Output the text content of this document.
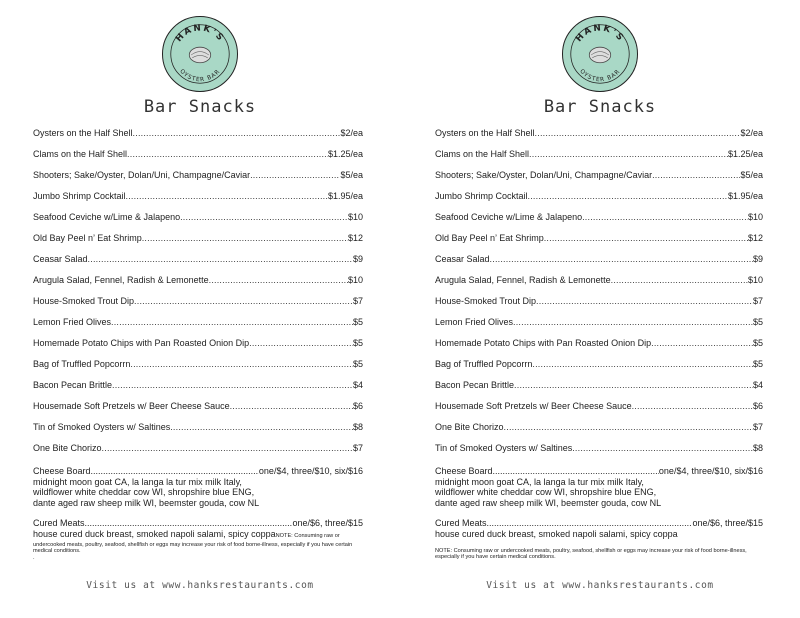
HANK'S
OYSTER BAR
Bar Snacks
Oysters on the Half Shell .....	$2/ea
Clams on the Half Shell .....	$1.25/ea
Shooters; Sake/Oyster, Dolan/Uni, Champagne/Caviar .....	$5/ea
Jumbo Shrimp Cocktail .....	$1.95/ea
Seafood Ceviche w/Lime & Jalapeno .....	$10
Old Bay Peel n’ Eat Shrimp .....	$12
Ceasar Salad .....	$9
Arugula Salad, Fennel, Radish & Lemonette .....	$10
House-Smoked Trout Dip .....	$7
Lemon Fried Olives .....	$5
Homemade Potato Chips with Pan Roasted Onion Dip .....	$5
Bag of Truffled Popcorrn .....	$5
Bacon Pecan Brittle .....	$4
Housemade Soft Pretzels w/ Beer Cheese Sauce .....	$6
Tin of Smoked Oysters w/ Saltines .....	$8
One Bite Chorizo .....	$7
Cheese Board .....	one/$4, three/$10, six/$16
midnight moon goat CA, la langa la tur mix milk Italy,
wildflower white cheddar cow WI, shropshire blue ENG,
dante aged raw sheep milk WI, beemster gouda, cow NL
Cured Meats .....	one/$6, three/$15
house cured duck breast, smoked napoli salami, spicy coppaNOTE: Consuming raw or
undercooked meats, poultry, seafood, shellfish or eggs may increase your risk of food borne-illness, especially if you have certain medical conditions.
.
Visit us at www.hanksrestaurants.com
HANK'S
OYSTER BAR
Bar Snacks
Oysters on the Half Shell .....	$2/ea
Clams on the Half Shell .....	$1.25/ea
Shooters; Sake/Oyster, Dolan/Uni, Champagne/Caviar .....	$5/ea
Jumbo Shrimp Cocktail .....	$1.95/ea
Seafood Ceviche w/Lime & Jalapeno .....	$10
Old Bay Peel n’ Eat Shrimp .....	$12
Ceasar Salad .....	$9
Arugula Salad, Fennel, Radish & Lemonette .....	$10
House-Smoked Trout Dip .....	$7
Lemon Fried Olives .....	$5
Homemade Potato Chips with Pan Roasted Onion Dip .....	$5
Bag of Truffled Popcorrn .....	$5
Bacon Pecan Brittle .....	$4
Housemade Soft Pretzels w/ Beer Cheese Sauce .....	$6
One Bite Chorizo .....	$7
Tin of Smoked Oysters w/ Saltines .....	$8
Cheese Board .....	one/$4, three/$10, six/$16
midnight moon goat CA, la langa la tur mix milk Italy,
wildflower white cheddar cow WI, shropshire blue ENG,
dante aged raw sheep milk WI, beemster gouda, cow NL
Cured Meats .....	one/$6, three/$15
house cured duck breast, smoked napoli salami, spicy coppa
NOTE: Consuming raw or undercooked meats, poultry, seafood, shellfish or eggs may increase your risk of food borne-illness, especially if you have certain medical conditions.
Visit us at www.hanksrestaurants.com
